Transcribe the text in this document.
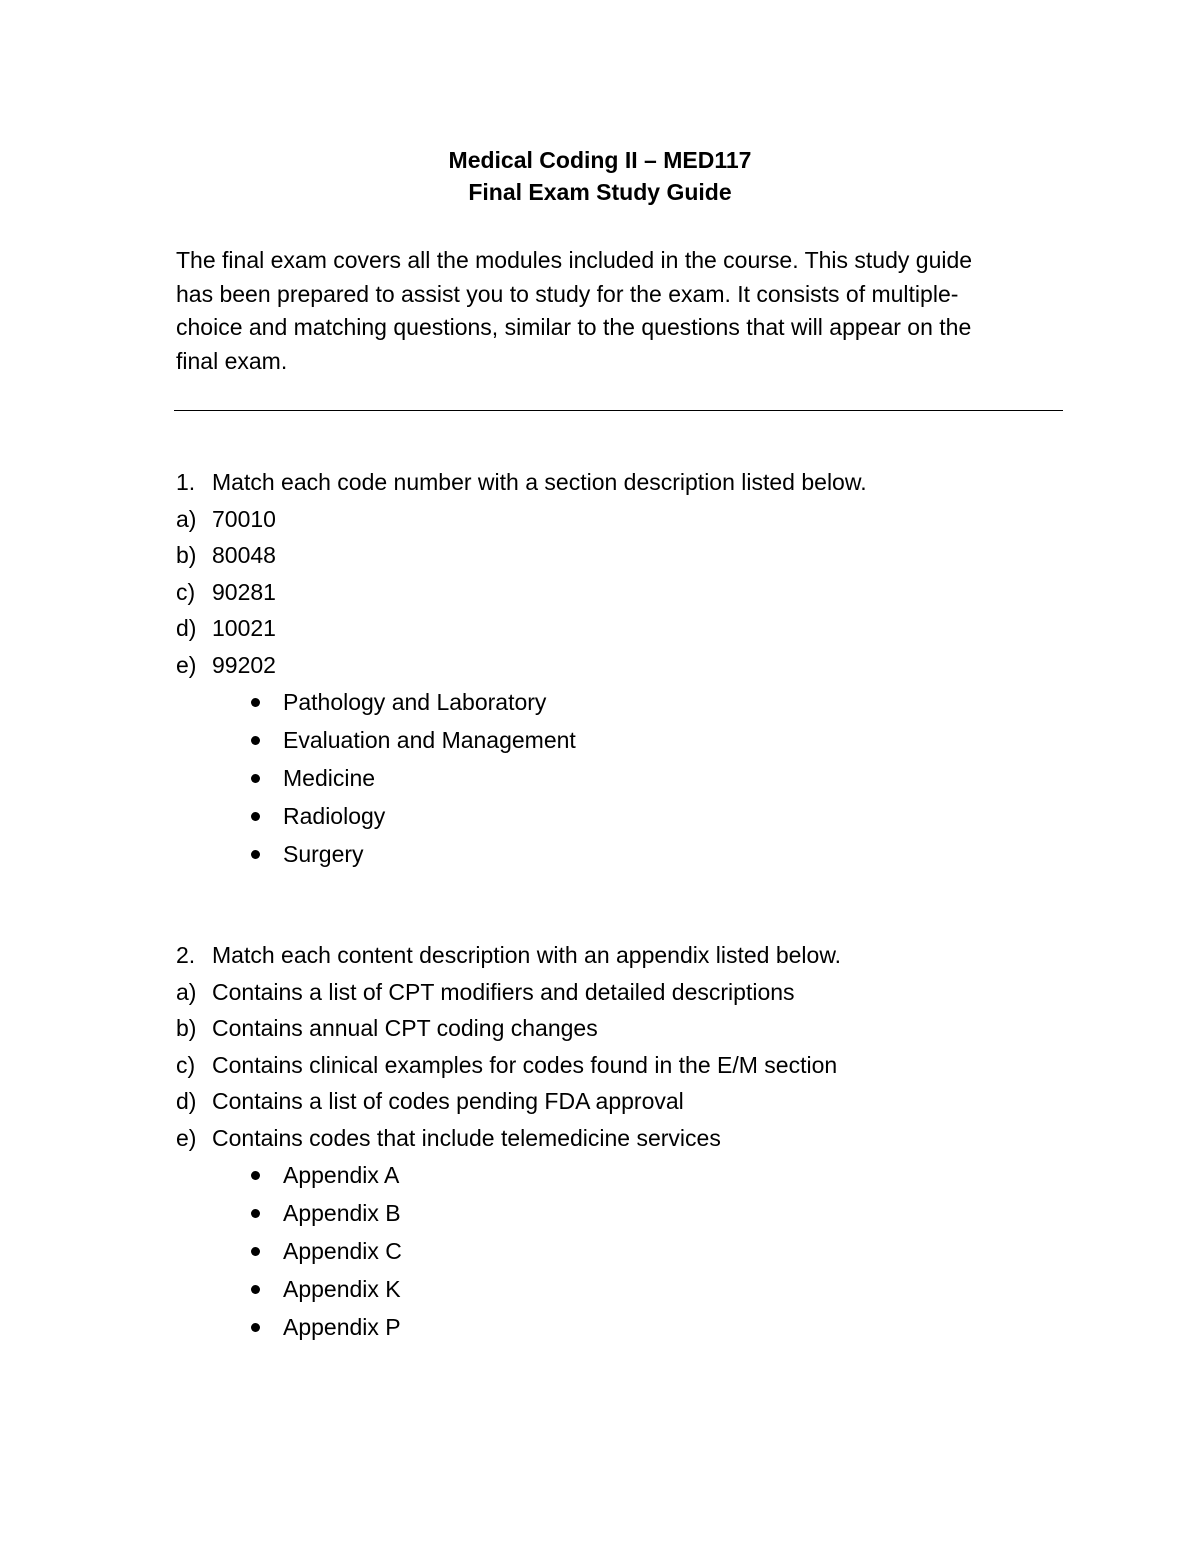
Medical Coding II – MED117
Final Exam Study Guide
The final exam covers all the modules included in the course. This study guide
has been prepared to assist you to study for the exam. It consists of multiple-
choice and matching questions, similar to the questions that will appear on the
final exam.
1. Match each code number with a section description listed below.
a) 70010
b) 80048
c) 90281
d) 10021
e) 99202
Pathology and Laboratory
Evaluation and Management
Medicine
Radiology
Surgery
2. Match each content description with an appendix listed below.
a) Contains a list of CPT modifiers and detailed descriptions
b) Contains annual CPT coding changes
c) Contains clinical examples for codes found in the E/M section
d) Contains a list of codes pending FDA approval
e) Contains codes that include telemedicine services
Appendix A
Appendix B
Appendix C
Appendix K
Appendix P
